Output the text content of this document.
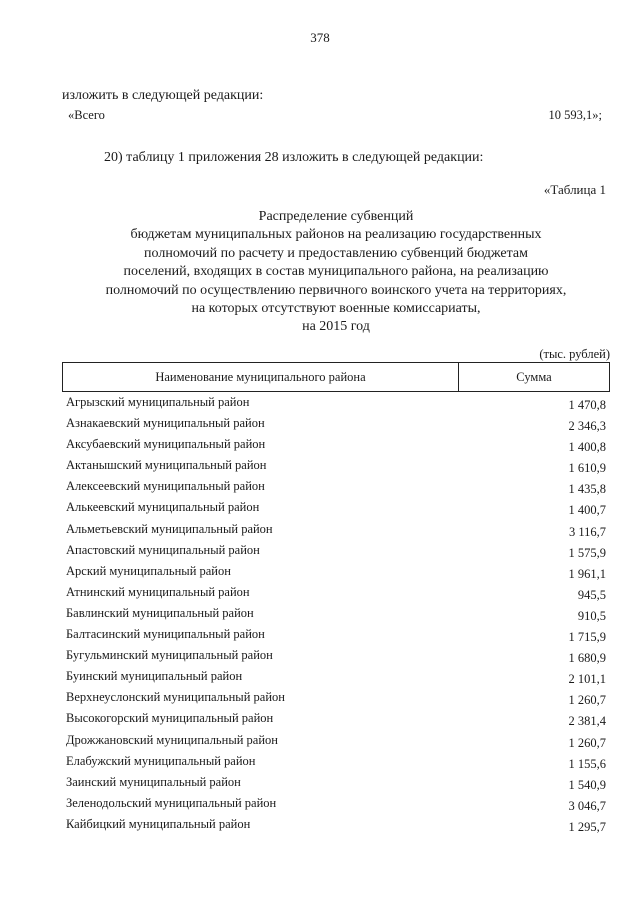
378
изложить в следующей редакции:
«Всего	10 593,1»;
20) таблицу 1 приложения 28 изложить в следующей редакции:
«Таблица 1
Распределение субвенций
бюджетам муниципальных районов на реализацию государственных
полномочий по расчету и предоставлению субвенций бюджетам
поселений, входящих в состав муниципального района, на реализацию
полномочий по осуществлению первичного воинского учета на территориях,
на которых отсутствуют военные комиссариаты,
на 2015 год
(тыс. рублей)
Наименование муниципального района	Сумма
Агрызский муниципальный район	1 470,8
Азнакаевский муниципальный район	2 346,3
Аксубаевский муниципальный район	1 400,8
Актанышский муниципальный район	1 610,9
Алексеевский муниципальный район	1 435,8
Алькеевский муниципальный район	1 400,7
Альметьевский муниципальный район	3 116,7
Апастовский муниципальный район	1 575,9
Арский муниципальный район	1 961,1
Атнинский муниципальный район	945,5
Бавлинский муниципальный район	910,5
Балтасинский муниципальный район	1 715,9
Бугульминский муниципальный район	1 680,9
Буинский муниципальный район	2 101,1
Верхнеуслонский муниципальный район	1 260,7
Высокогорский муниципальный район	2 381,4
Дрожжановский муниципальный район	1 260,7
Елабужский муниципальный район	1 155,6
Заинский муниципальный район	1 540,9
Зеленодольский муниципальный район	3 046,7
Кайбицкий муниципальный район	1 295,7
